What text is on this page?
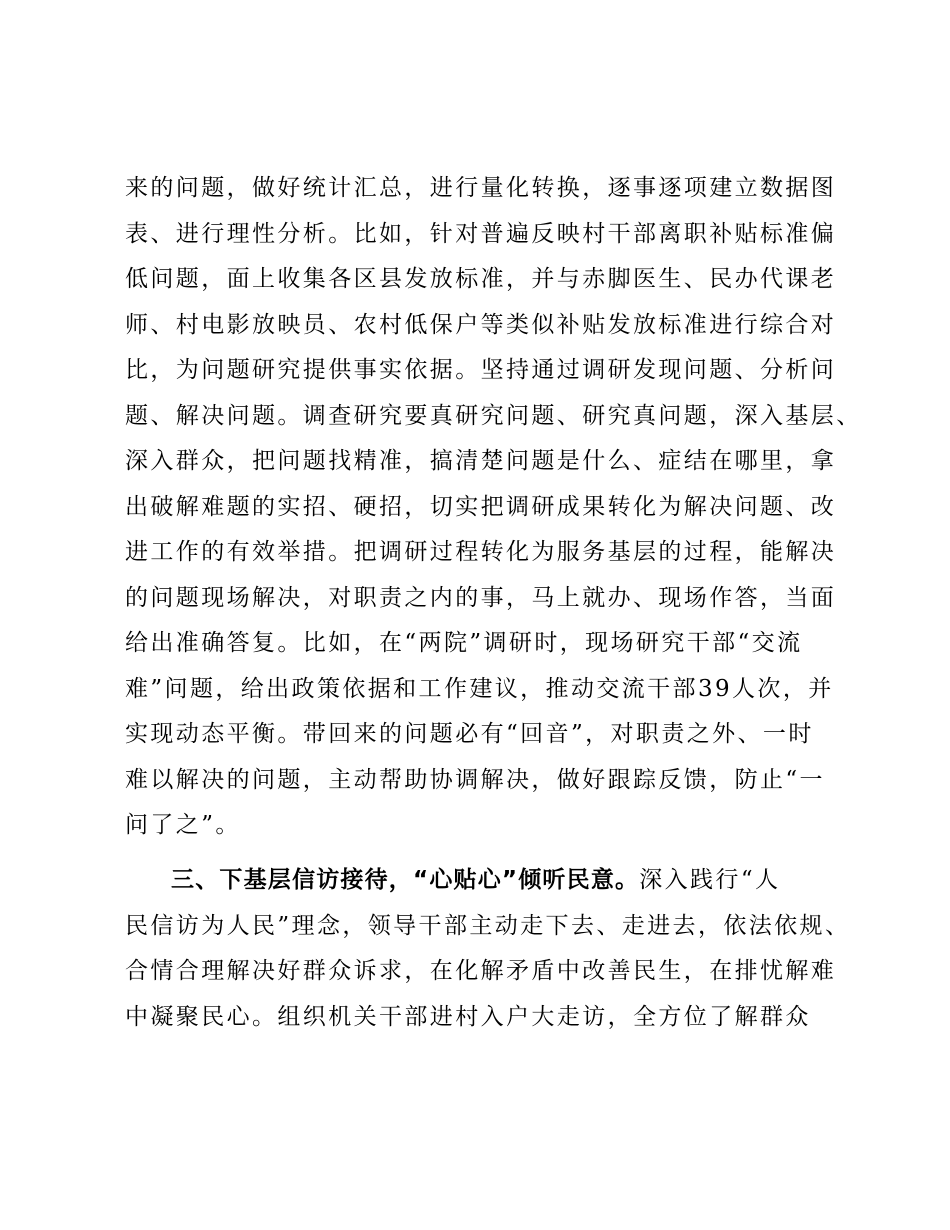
来的问题，做好统计汇总，进行量化转换，逐事逐项建立数据图
表、进行理性分析。比如，针对普遍反映村干部离职补贴标准偏
低问题，面上收集各区县发放标准，并与赤脚医生、民办代课老
师、村电影放映员、农村低保户等类似补贴发放标准进行综合对
比，为问题研究提供事实依据。坚持通过调研发现问题、分析问
题、解决问题。调查研究要真研究问题、研究真问题，深入基层、
深入群众，把问题找精准，搞清楚问题是什么、症结在哪里，拿
出破解难题的实招、硬招，切实把调研成果转化为解决问题、改
进工作的有效举措。把调研过程转化为服务基层的过程，能解决
的问题现场解决，对职责之内的事，马上就办、现场作答，当面
给出准确答复。比如，在“两院”调研时，现场研究干部“交流
难”问题，给出政策依据和工作建议，推动交流干部39人次，并
实现动态平衡。带回来的问题必有“回音”，对职责之外、一时
难以解决的问题，主动帮助协调解决，做好跟踪反馈，防止“一
问了之”。
三、下基层信访接待，“心贴心”倾听民意。深入践行“人
民信访为人民”理念，领导干部主动走下去、走进去，依法依规、
合情合理解决好群众诉求，在化解矛盾中改善民生，在排忧解难
中凝聚民心。组织机关干部进村入户大走访，全方位了解群众
